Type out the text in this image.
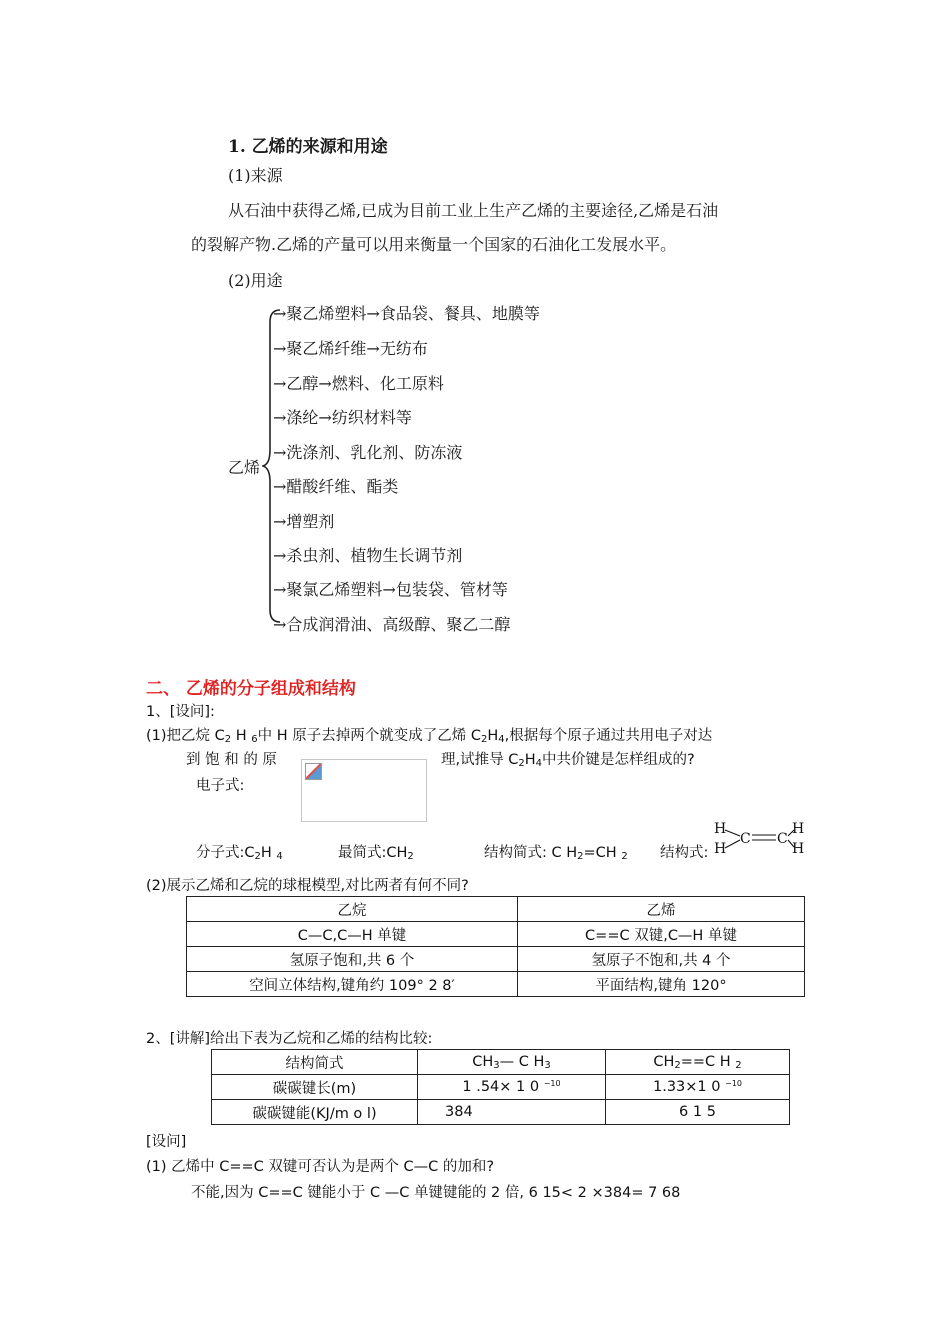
1. 乙烯的来源和用途
(1)来源
从石油中获得乙烯,已成为目前工业上生产乙烯的主要途径,乙烯是石油
的裂解产物.乙烯的产量可以用来衡量一个国家的石油化工发展水平。
(2)用途
乙烯
→聚乙烯塑料→食品袋、餐具、地膜等
→聚乙烯纤维→无纺布
→乙醇→燃料、化工原料
→涤纶→纺织材料等
→洗涤剂、乳化剂、防冻液
→醋酸纤维、酯类
→增塑剂
→杀虫剂、植物生长调节剂
→聚氯乙烯塑料→包装袋、管材等
→合成润滑油、高级醇、聚乙二醇
二、 乙烯的分子组成和结构
1、[设问]:
(1)把乙烷 $C_2$ H $_6$中 H 原子去掉两个就变成了乙烯 $C_2H_4$,根据每个原子通过共用电子对达
到 饱 和 的 原	理,试推导 $C_2H_4$中共价键是怎样组成的?
电子式:
分子式$:C_2H$ $_4$	最简式$:CH_2$	结构简式: C $H_2=CH$ $_2$ 结构式:
H
H
C C
H
H
(2)展示乙烯和乙烷的球棍模型,对比两者有何不同?
乙烷	乙烯
C—C,C—H 单键	C==C 双键,C—H 单键
氢原子饱和,共 6 个	氢原子不饱和,共 4 个
空间立体结构,键角约 109° 2 8′	平面结构,键角 120°
2、[讲解]给出下表为乙烷和乙烯的结构比较:
结构简式	$CH_3—$ C $H_3$	$CH_2==C$ H $_2$
碳碳键长(m)	1 .54× 1 0 $^{-10}$	1.33×1 0 $^{-10}$
碳碳键能(KJ/m o l)	384	6 1 5
[设问]
(1) 乙烯中 C==C 双键可否认为是两个 C—C 的加和?
不能,因为 C==C 键能小于 C —C 单键键能的 2 倍, 6 15< 2 ×384= 7 68
